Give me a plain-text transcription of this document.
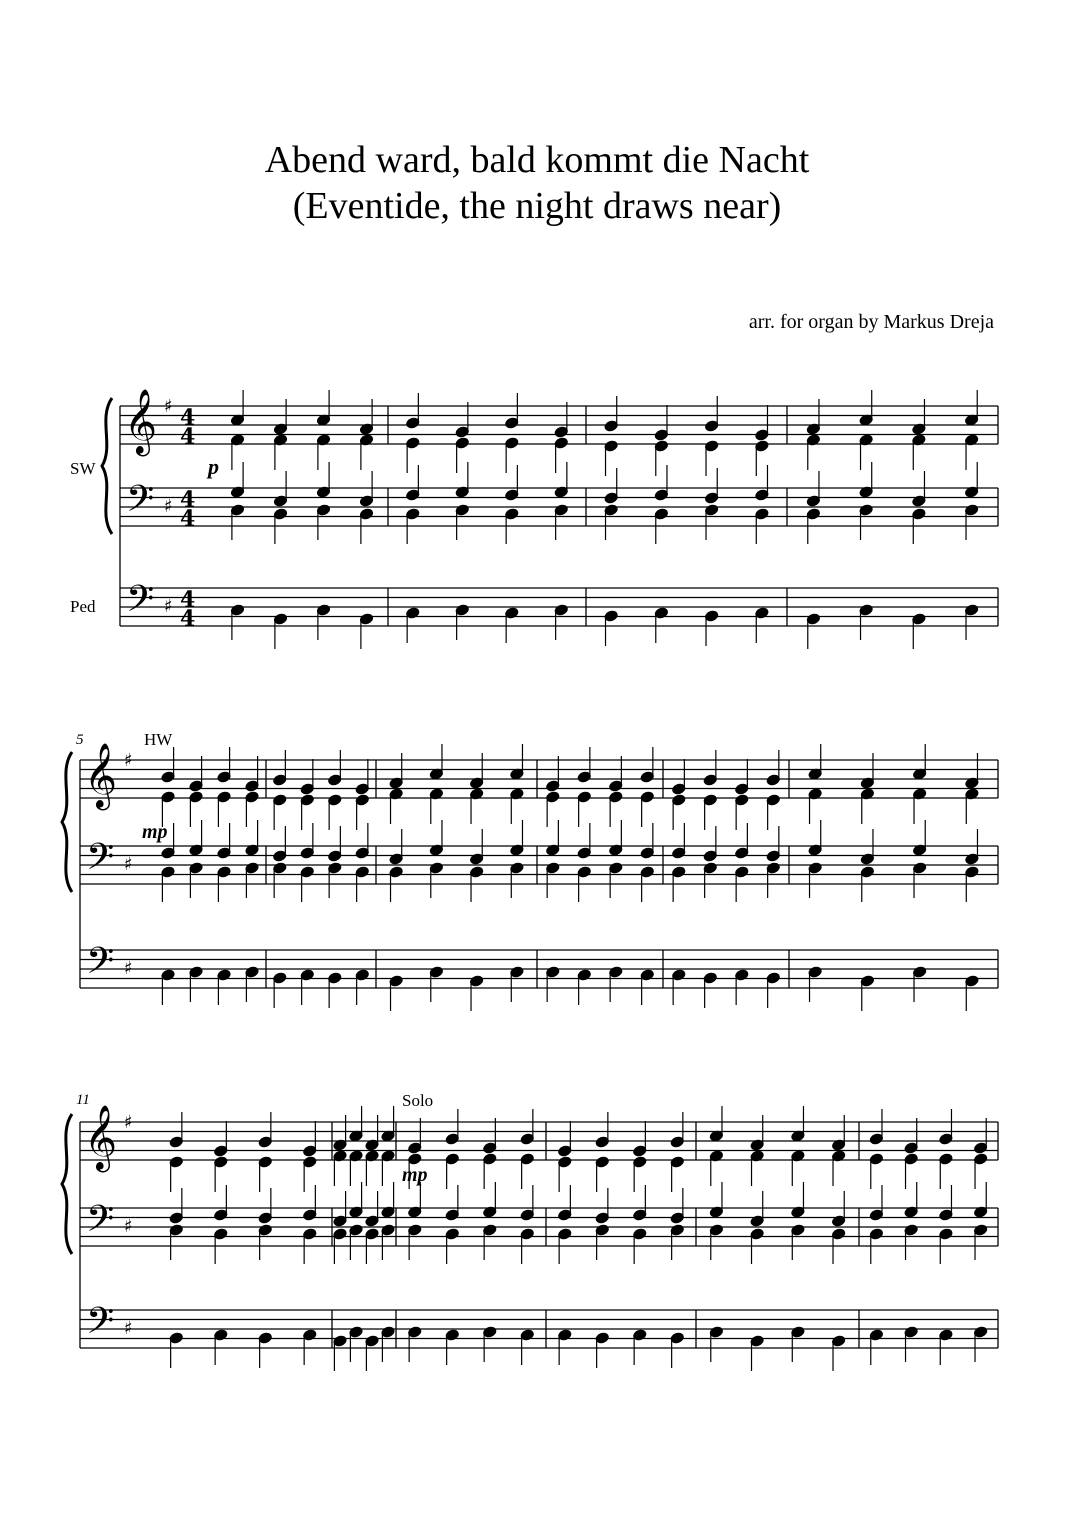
Abend ward, bald kommt die Nacht
(Eventide, the night draws near)
arr. for organ by Markus Dreja
SW
Ped
5
11
HW
Solo
p
mp
mp
𝄞
𝄢
𝄢
♯
♯
♯
4
4
4
4
4
4
𝄞
𝄢
𝄢
♯
♯
♯
𝄞
𝄢
𝄢
♯
♯
♯
